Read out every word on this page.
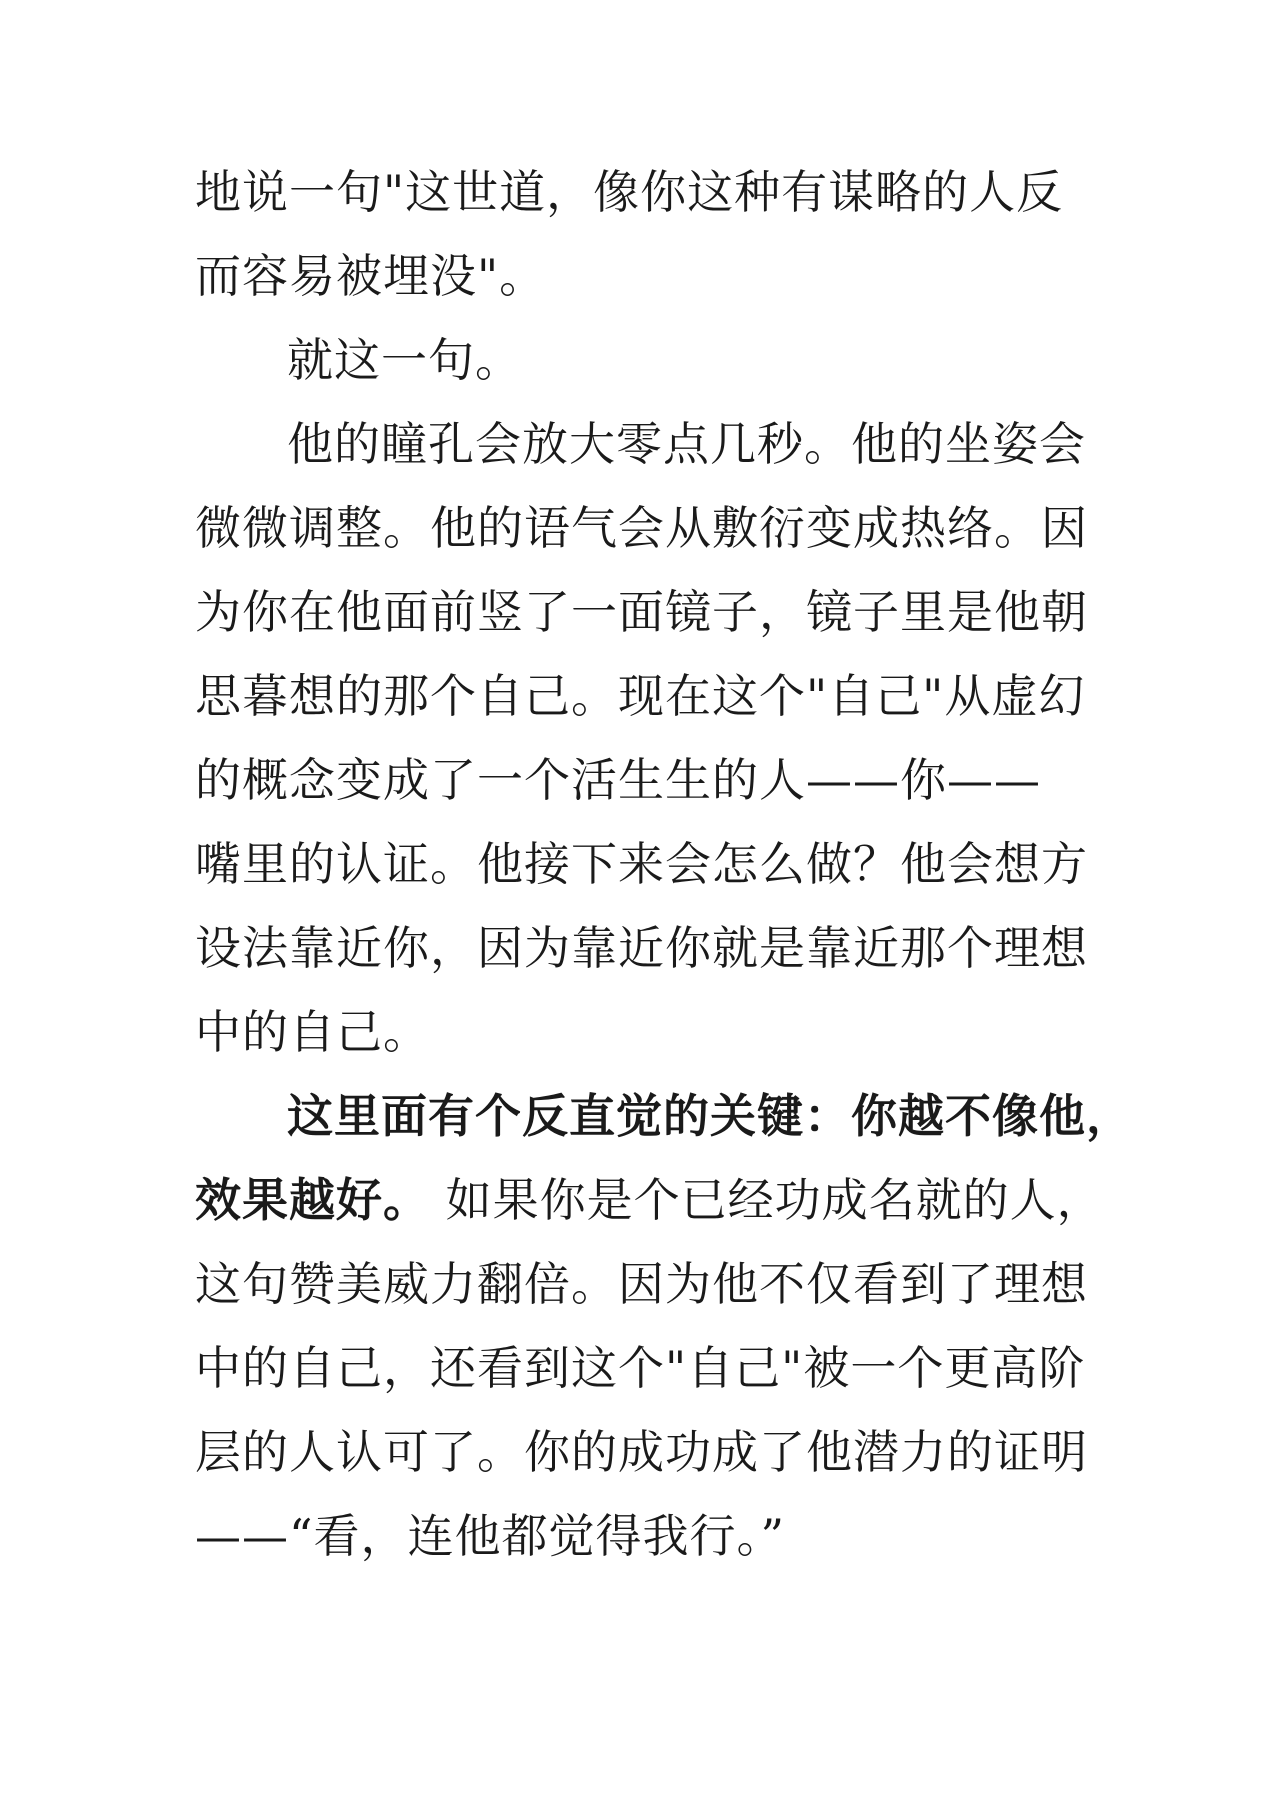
地说一句"这世道，像你这种有谋略的人反
而容易被埋没"。
就这一句。
他的瞳孔会放大零点几秒。他的坐姿会
微微调整。他的语气会从敷衍变成热络。因
为你在他面前竖了一面镜子，镜子里是他朝
思暮想的那个自己。现在这个"自己"从虚幻
的概念变成了一个活生生的人——你——
嘴里的认证。他接下来会怎么做？他会想方
设法靠近你，因为靠近你就是靠近那个理想
中的自己。
这里面有个反直觉的关键：你越不像他，
效果越好。 如果你是个已经功成名就的人，
这句赞美威力翻倍。因为他不仅看到了理想
中的自己，还看到这个"自己"被一个更高阶
层的人认可了。你的成功成了他潜力的证明
——“看，连他都觉得我行。”
